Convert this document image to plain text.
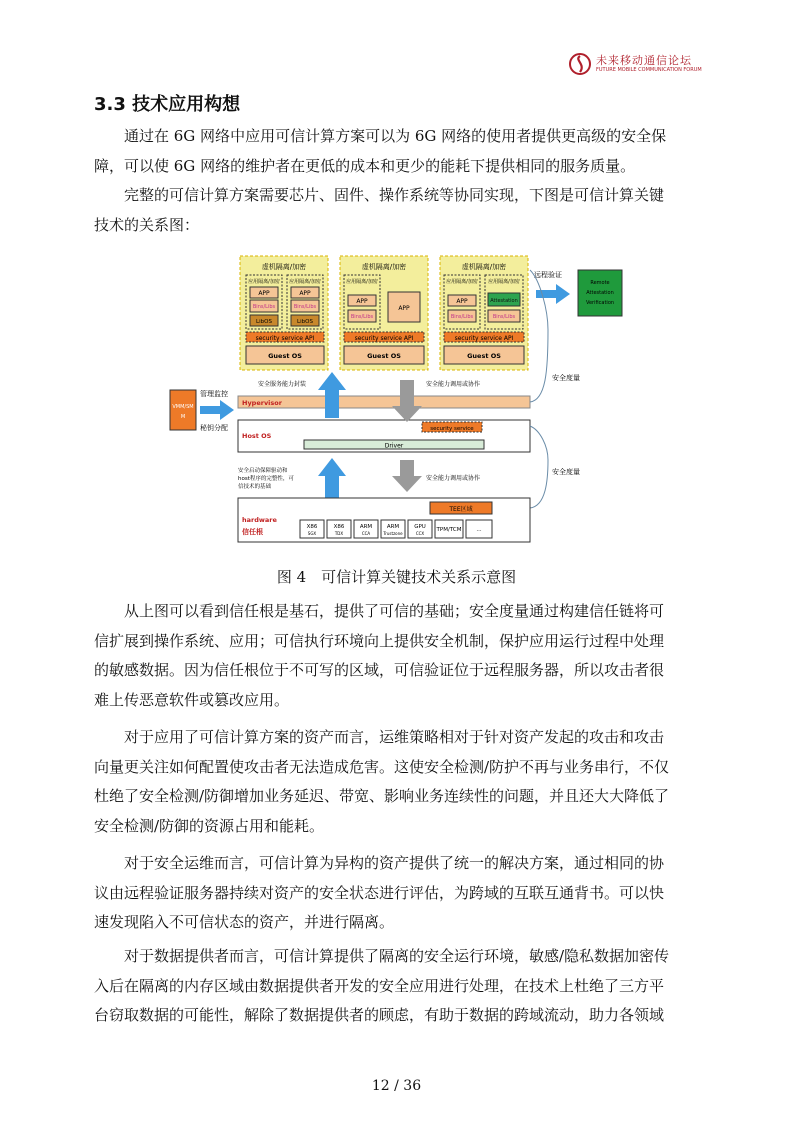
未来移动通信论坛
FUTURE MOBILE COMMUNICATION FORUM
3.3 技术应用构想

通过在 6G 网络中应用可信计算方案可以为 6G 网络的使用者提供更高级的安全保
障，可以使 6G 网络的维护者在更低的成本和更少的能耗下提供相同的服务质量。

完整的可信计算方案需要芯片、固件、操作系统等协同实现，下图是可信计算关键
技术的关系图：

虚机隔离/加密
应用隔离/加密
APP
Bins/Libs
LibOS
应用隔离/加密
APP
Bins/Libs
LibOS
security service API
Guest OS
虚机隔离/加密
应用隔离/加密
APP
Bins/Libs
APP
security service API
Guest OS
虚机隔离/加密
应用隔离/加密
APP
Bins/Libs
应用隔离/加密
Attestation
Bins/Libs
security service API
Guest OS
远程验证
Remote
Attestation
Verification
安全服务能力封装	安全能力调用或协作
安全度量
VMM/SM
M
管理监控
秘钥分配
Hypervisor
Host OS
security service
Driver
安全能力调用或协作
安全度量
安全启动保障驱动和
host程序的完整性，可
信技术的基础
TEE区域
hardware
信任根
X86
SGX
X86
TDX
ARM
CCA
ARM
Trustzone
GPU
CCX
TPM/TCM	...
图 4　可信计算关键技术关系示意图

从上图可以看到信任根是基石，提供了可信的基础；安全度量通过构建信任链将可
信扩展到操作系统、应用；可信执行环境向上提供安全机制，保护应用运行过程中处理
的敏感数据。因为信任根位于不可写的区域，可信验证位于远程服务器，所以攻击者很
难上传恶意软件或篡改应用。

对于应用了可信计算方案的资产而言，运维策略相对于针对资产发起的攻击和攻击
向量更关注如何配置使攻击者无法造成危害。这使安全检测/防护不再与业务串行，不仅
杜绝了安全检测/防御增加业务延迟、带宽、影响业务连续性的问题，并且还大大降低了
安全检测/防御的资源占用和能耗。

对于安全运维而言，可信计算为异构的资产提供了统一的解决方案，通过相同的协
议由远程验证服务器持续对资产的安全状态进行评估，为跨域的互联互通背书。可以快
速发现陷入不可信状态的资产，并进行隔离。

对于数据提供者而言，可信计算提供了隔离的安全运行环境，敏感/隐私数据加密传
入后在隔离的内存区域由数据提供者开发的安全应用进行处理，在技术上杜绝了三方平
台窃取数据的可能性，解除了数据提供者的顾虑，有助于数据的跨域流动，助力各领域

12 / 36
